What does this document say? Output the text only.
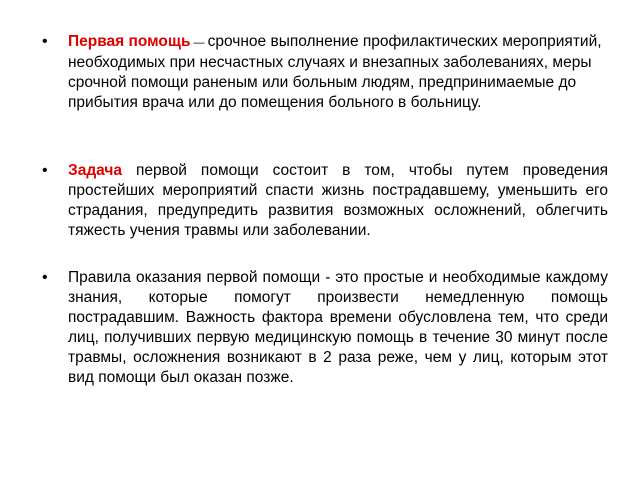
• Первая помощь — срочное выполнение профилактических мероприятий, необходимых при несчастных случаях и внезапных заболеваниях, меры срочной помощи раненым или больным людям, предпринимаемые до прибытия врача или до помещения больного в больницу.
• Задача первой помощи состоит в том, чтобы путем проведения простейших мероприятий спасти жизнь пострадавшему, уменьшить его страдания, предупредить развития возможных осложнений, облегчить тяжесть учения травмы или заболевании.
• Правила оказания первой помощи - это простые и необходимые каждому знания, которые помогут произвести немедленную помощь пострадавшим. Важность фактора времени обусловлена тем, что среди лиц, получивших первую медицинскую помощь в течение 30 минут после травмы, осложнения возникают в 2 раза реже, чем у лиц, которым этот вид помощи был оказан позже.
